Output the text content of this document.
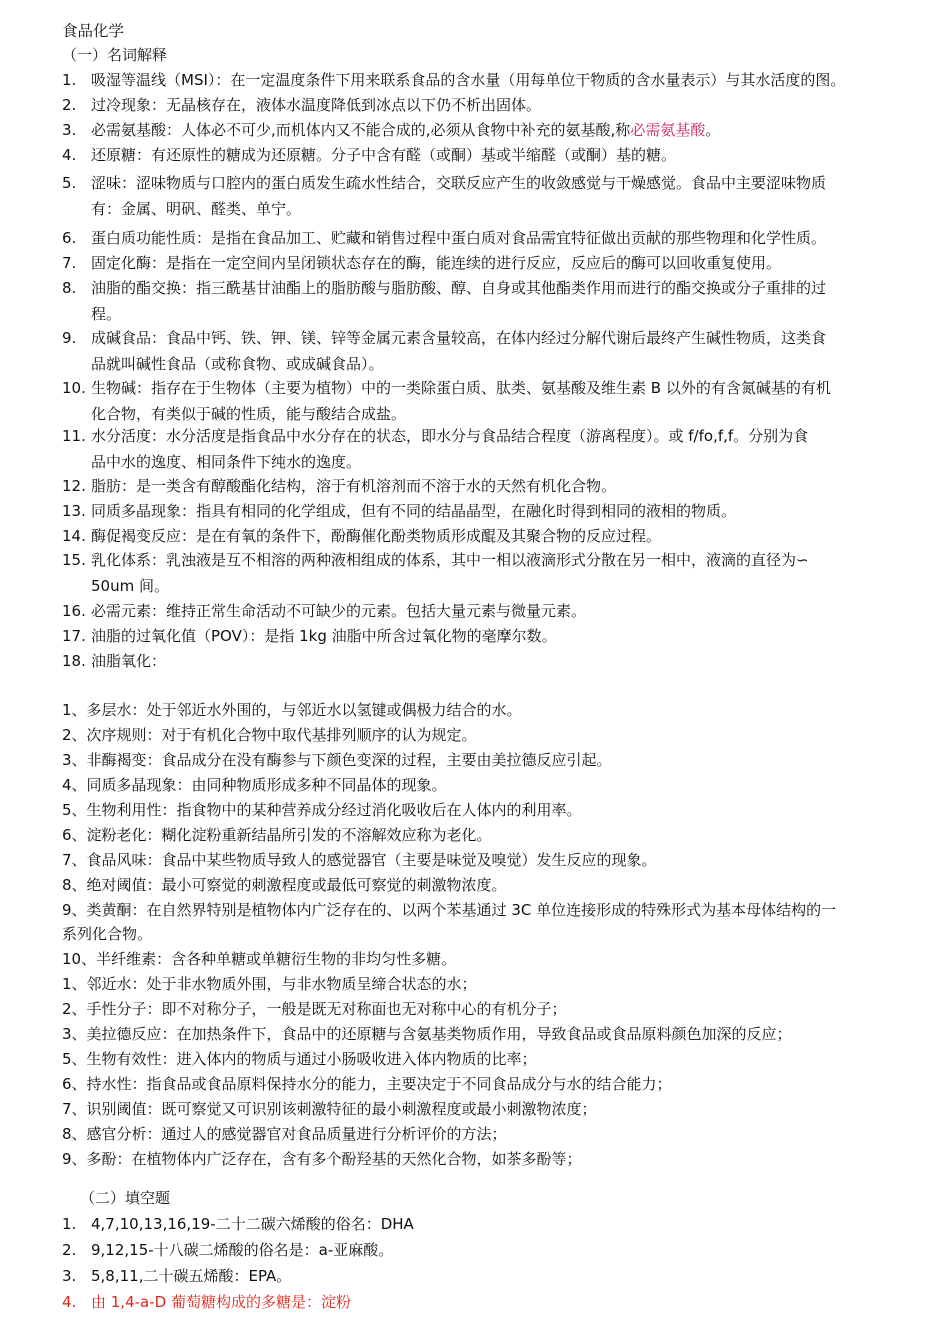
食品化学
（一）名词解释
1. 吸湿等温线（MSI）：在一定温度条件下用来联系食品的含水量（用每单位干物质的含水量表示）与其水活度的图。
2. 过冷现象：无晶核存在，液体水温度降低到冰点以下仍不析出固体。
3. 必需氨基酸：人体必不可少,而机体内又不能合成的,必须从食物中补充的氨基酸,称必需氨基酸。
4. 还原糖：有还原性的糖成为还原糖。分子中含有醛（或酮）基或半缩醛（或酮）基的糖。
5. 涩味：涩味物质与口腔内的蛋白质发生疏水性结合，交联反应产生的收敛感觉与干燥感觉。食品中主要涩味物质
有：金属、明矾、醛类、单宁。
6. 蛋白质功能性质：是指在食品加工、贮藏和销售过程中蛋白质对食品需宜特征做出贡献的那些物理和化学性质。
7. 固定化酶：是指在一定空间内呈闭锁状态存在的酶，能连续的进行反应，反应后的酶可以回收重复使用。
8. 油脂的酯交换：指三酰基甘油酯上的脂肪酸与脂肪酸、醇、自身或其他酯类作用而进行的酯交换或分子重排的过
程。
9. 成碱食品：食品中钙、铁、钾、镁、锌等金属元素含量较高，在体内经过分解代谢后最终产生碱性物质，这类食
品就叫碱性食品（或称食物、或成碱食品）。
10. 生物碱：指存在于生物体（主要为植物）中的一类除蛋白质、肽类、氨基酸及维生素 B 以外的有含氮碱基的有机
化合物，有类似于碱的性质，能与酸结合成盐。
11. 水分活度：水分活度是指食品中水分存在的状态，即水分与食品结合程度（游离程度）。或 f/fo,f,f。分别为食
品中水的逸度、相同条件下纯水的逸度。
12. 脂肪：是一类含有醇酸酯化结构，溶于有机溶剂而不溶于水的天然有机化合物。
13. 同质多晶现象：指具有相同的化学组成，但有不同的结晶晶型，在融化时得到相同的液相的物质。
14. 酶促褐变反应：是在有氧的条件下，酚酶催化酚类物质形成醌及其聚合物的反应过程。
15. 乳化体系：乳浊液是互不相溶的两种液相组成的体系，其中一相以液滴形式分散在另一相中，液滴的直径为∽
50um 间。
16. 必需元素：维持正常生命活动不可缺少的元素。包括大量元素与微量元素。
17. 油脂的过氧化值（POV）：是指 1kg 油脂中所含过氧化物的毫摩尔数。
18. 油脂氧化：
1、多层水：处于邻近水外围的，与邻近水以氢键或偶极力结合的水。
2、次序规则：对于有机化合物中取代基排列顺序的认为规定。
3、非酶褐变：食品成分在没有酶参与下颜色变深的过程，主要由美拉德反应引起。
4、同质多晶现象：由同种物质形成多种不同晶体的现象。
5、生物利用性：指食物中的某种营养成分经过消化吸收后在人体内的利用率。
6、淀粉老化：糊化淀粉重新结晶所引发的不溶解效应称为老化。
7、食品风味：食品中某些物质导致人的感觉器官（主要是味觉及嗅觉）发生反应的现象。
8、绝对阈值：最小可察觉的刺激程度或最低可察觉的刺激物浓度。
9、类黄酮：在自然界特别是植物体内广泛存在的、以两个苯基通过 3C 单位连接形成的特殊形式为基本母体结构的一
系列化合物。
10、半纤维素：含各种单糖或单糖衍生物的非均匀性多糖。
1、邻近水：处于非水物质外围，与非水物质呈缔合状态的水；
2、手性分子：即不对称分子，一般是既无对称面也无对称中心的有机分子；
3、美拉德反应：在加热条件下，食品中的还原糖与含氨基类物质作用，导致食品或食品原料颜色加深的反应；
5、生物有效性：进入体内的物质与通过小肠吸收进入体内物质的比率；
6、持水性：指食品或食品原料保持水分的能力，主要决定于不同食品成分与水的结合能力；
7、识别阈值：既可察觉又可识别该刺激特征的最小刺激程度或最小刺激物浓度；
8、感官分析：通过人的感觉器官对食品质量进行分析评价的方法；
9、多酚：在植物体内广泛存在，含有多个酚羟基的天然化合物，如茶多酚等；
（二）填空题
1. 4,7,10,13,16,19-二十二碳六烯酸的俗名：DHA
2. 9,12,15-十八碳二烯酸的俗名是：a-亚麻酸。
3. 5,8,11,二十碳五烯酸：EPA。
4. 由 1,4-a-D 葡萄糖构成的多糖是：淀粉
